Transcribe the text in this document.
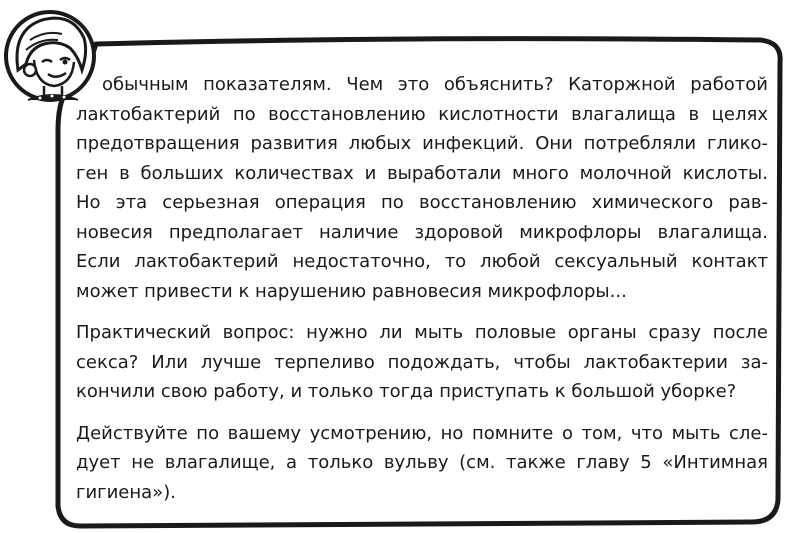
обычным показателям. Чем это объяснить? Каторжной работой
лактобактерий по восстановлению кислотности влагалища в целях
предотвращения развития любых инфекций. Они потребляли глико-
ген в больших количествах и выработали много молочной кислоты.
Но эта серьезная операция по восстановлению химического рав-
новесия предполагает наличие здоровой микрофлоры влагалища.
Если лактобактерий недостаточно, то любой сексуальный контакт
может привести к нарушению равновесия микрофлоры...
Практический вопрос: нужно ли мыть половые органы сразу после
секса? Или лучше терпеливо подождать, чтобы лактобактерии за-
кончили свою работу, и только тогда приступать к большой уборке?
Действуйте по вашему усмотрению, но помните о том, что мыть сле-
дует не влагалище, а только вульву (см. также главу 5 «Интимная
гигиена»).
